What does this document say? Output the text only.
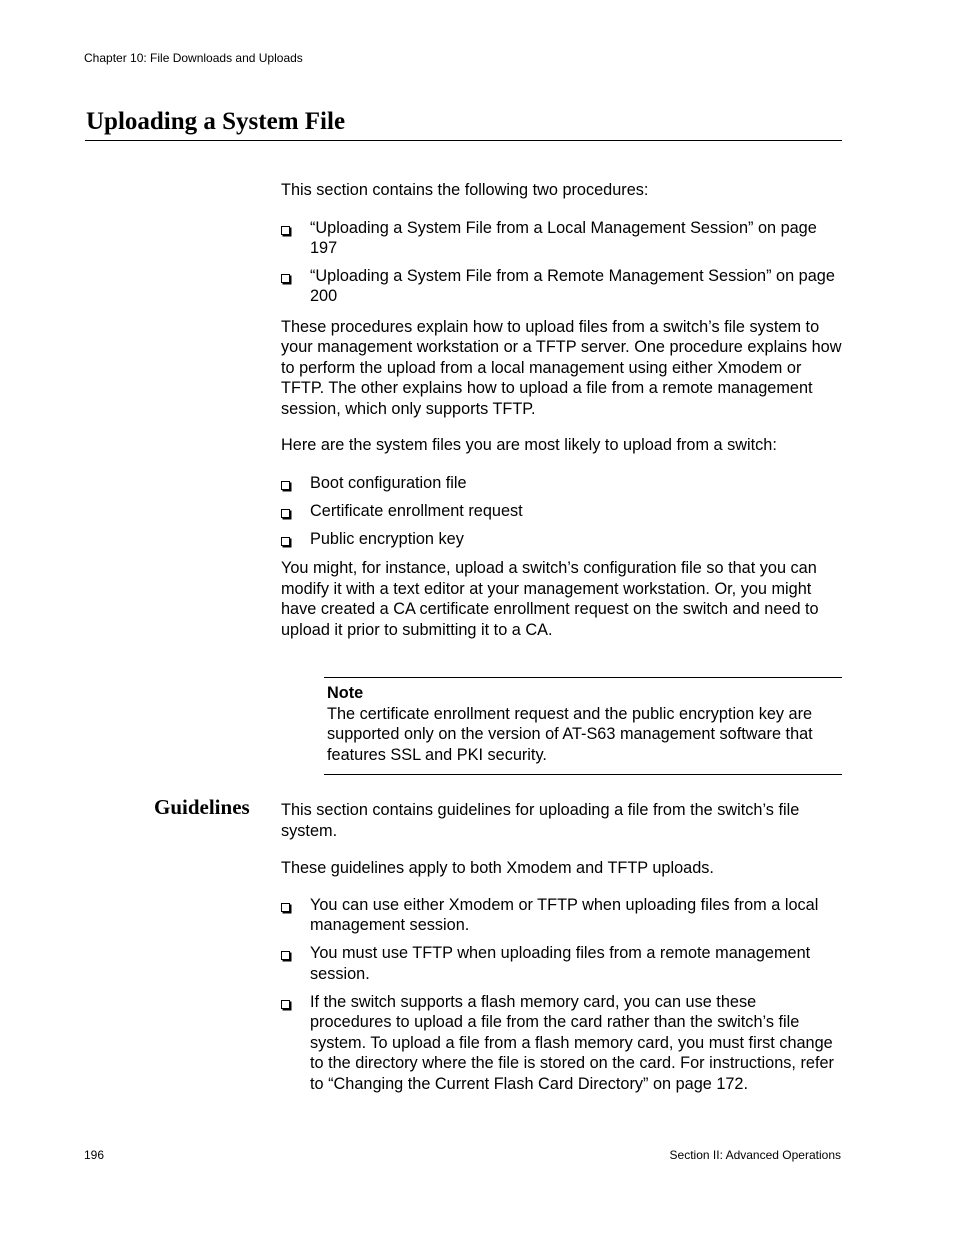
Chapter 10: File Downloads and Uploads
Uploading a System File

This section contains the following two procedures:

“Uploading a System File from a Local Management Session” on page 197
“Uploading a System File from a Remote Management Session” on page 200

These procedures explain how to upload files from a switch’s file system to your management workstation or a TFTP server. One procedure explains how to perform the upload from a local management using either Xmodem or TFTP. The other explains how to upload a file from a remote management session, which only supports TFTP.

Here are the system files you are most likely to upload from a switch:

Boot configuration file
Certificate enrollment request
Public encryption key

You might, for instance, upload a switch’s configuration file so that you can modify it with a text editor at your management workstation. Or, you might have created a CA certificate enrollment request on the switch and need to upload it prior to submitting it to a CA.

Note
The certificate enrollment request and the public encryption key are supported only on the version of AT-S63 management software that features SSL and PKI security.
Guidelines This section contains guidelines for uploading a file from the switch’s file system.

These guidelines apply to both Xmodem and TFTP uploads.

You can use either Xmodem or TFTP when uploading files from a local management session.
You must use TFTP when uploading files from a remote management session.
If the switch supports a flash memory card, you can use these procedures to upload a file from the card rather than the switch’s file system. To upload a file from a flash memory card, you must first change to the directory where the file is stored on the card. For instructions, refer to “Changing the Current Flash Card Directory” on page 172.
196	Section II: Advanced Operations
